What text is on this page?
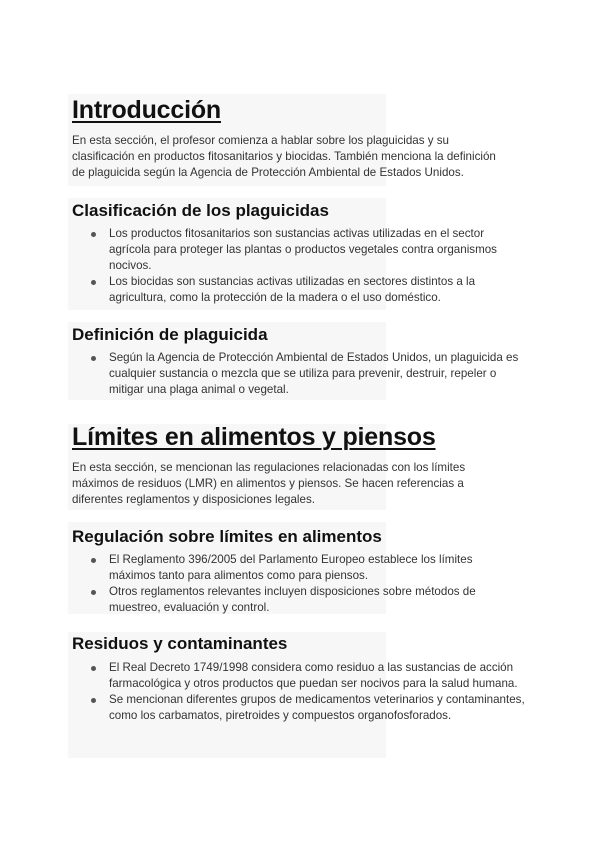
Introducción

En esta sección, el profesor comienza a hablar sobre los plaguicidas y su clasificación en productos fitosanitarios y biocidas. También menciona la definición de plaguicida según la Agencia de Protección Ambiental de Estados Unidos.

Clasificación de los plaguicidas
Los productos fitosanitarios son sustancias activas utilizadas en el sector agrícola para proteger las plantas o productos vegetales contra organismos nocivos.
Los biocidas son sustancias activas utilizadas en sectores distintos a la agricultura, como la protección de la madera o el uso doméstico.
Definición de plaguicida
Según la Agencia de Protección Ambiental de Estados Unidos, un plaguicida es cualquier sustancia o mezcla que se utiliza para prevenir, destruir, repeler o mitigar una plaga animal o vegetal.
Límites en alimentos y piensos

En esta sección, se mencionan las regulaciones relacionadas con los límites máximos de residuos (LMR) en alimentos y piensos. Se hacen referencias a diferentes reglamentos y disposiciones legales.

Regulación sobre límites en alimentos
El Reglamento 396/2005 del Parlamento Europeo establece los límites máximos tanto para alimentos como para piensos.
Otros reglamentos relevantes incluyen disposiciones sobre métodos de muestreo, evaluación y control.
Residuos y contaminantes
El Real Decreto 1749/1998 considera como residuo a las sustancias de acción farmacológica y otros productos que puedan ser nocivos para la salud humana.
Se mencionan diferentes grupos de medicamentos veterinarios y contaminantes, como los carbamatos, piretroides y compuestos organofosforados.
